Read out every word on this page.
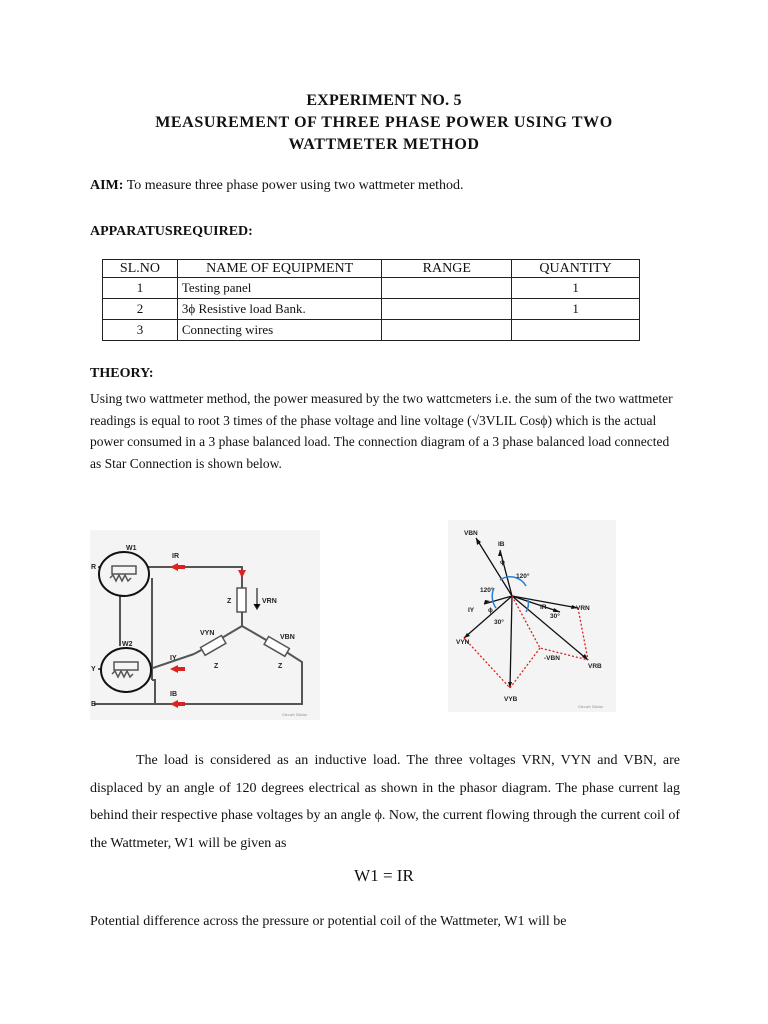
EXPERIMENT NO. 5
MEASUREMENT OF THREE PHASE POWER USING TWO
WATTMETER METHOD
AIM: To measure three phase power using two wattmeter method.
APPARATUSREQUIRED:
SL.NO	NAME OF EQUIPMENT	RANGE	QUANTITY
1	Testing panel		1
2	3ϕ Resistive load Bank.		1
3	Connecting wires		
THEORY:
Using two wattmeter method, the power measured by the two wattcmeters i.e. the sum of the two wattmeter readings is equal to root 3 times of the phase voltage and line voltage (√3VLIL Cosϕ) which is the actual power consumed in a 3 phase balanced load. The connection diagram of a 3 phase balanced load connected as Star Connection is shown below.
R
Y
B
W1
W2
IR
IY
IB
Z
Z	Z
VRN
VYN
VBN
Circuit Globe
VBN
IB
ϕ
120°
120°
IY ϕ	IR
30°
VRN
30°
VYN
-VBN
VRB
VYB
Circuit Globe
The load is considered as an inductive load. The three voltages VRN, VYN and VBN, are displaced by an angle of 120 degrees electrical as shown in the phasor diagram. The phase current lag behind their respective phase voltages by an angle ϕ. Now, the current flowing through the current coil of the Wattmeter, W1 will be given as
W1 = IR
Potential difference across the pressure or potential coil of the Wattmeter, W1 will be
